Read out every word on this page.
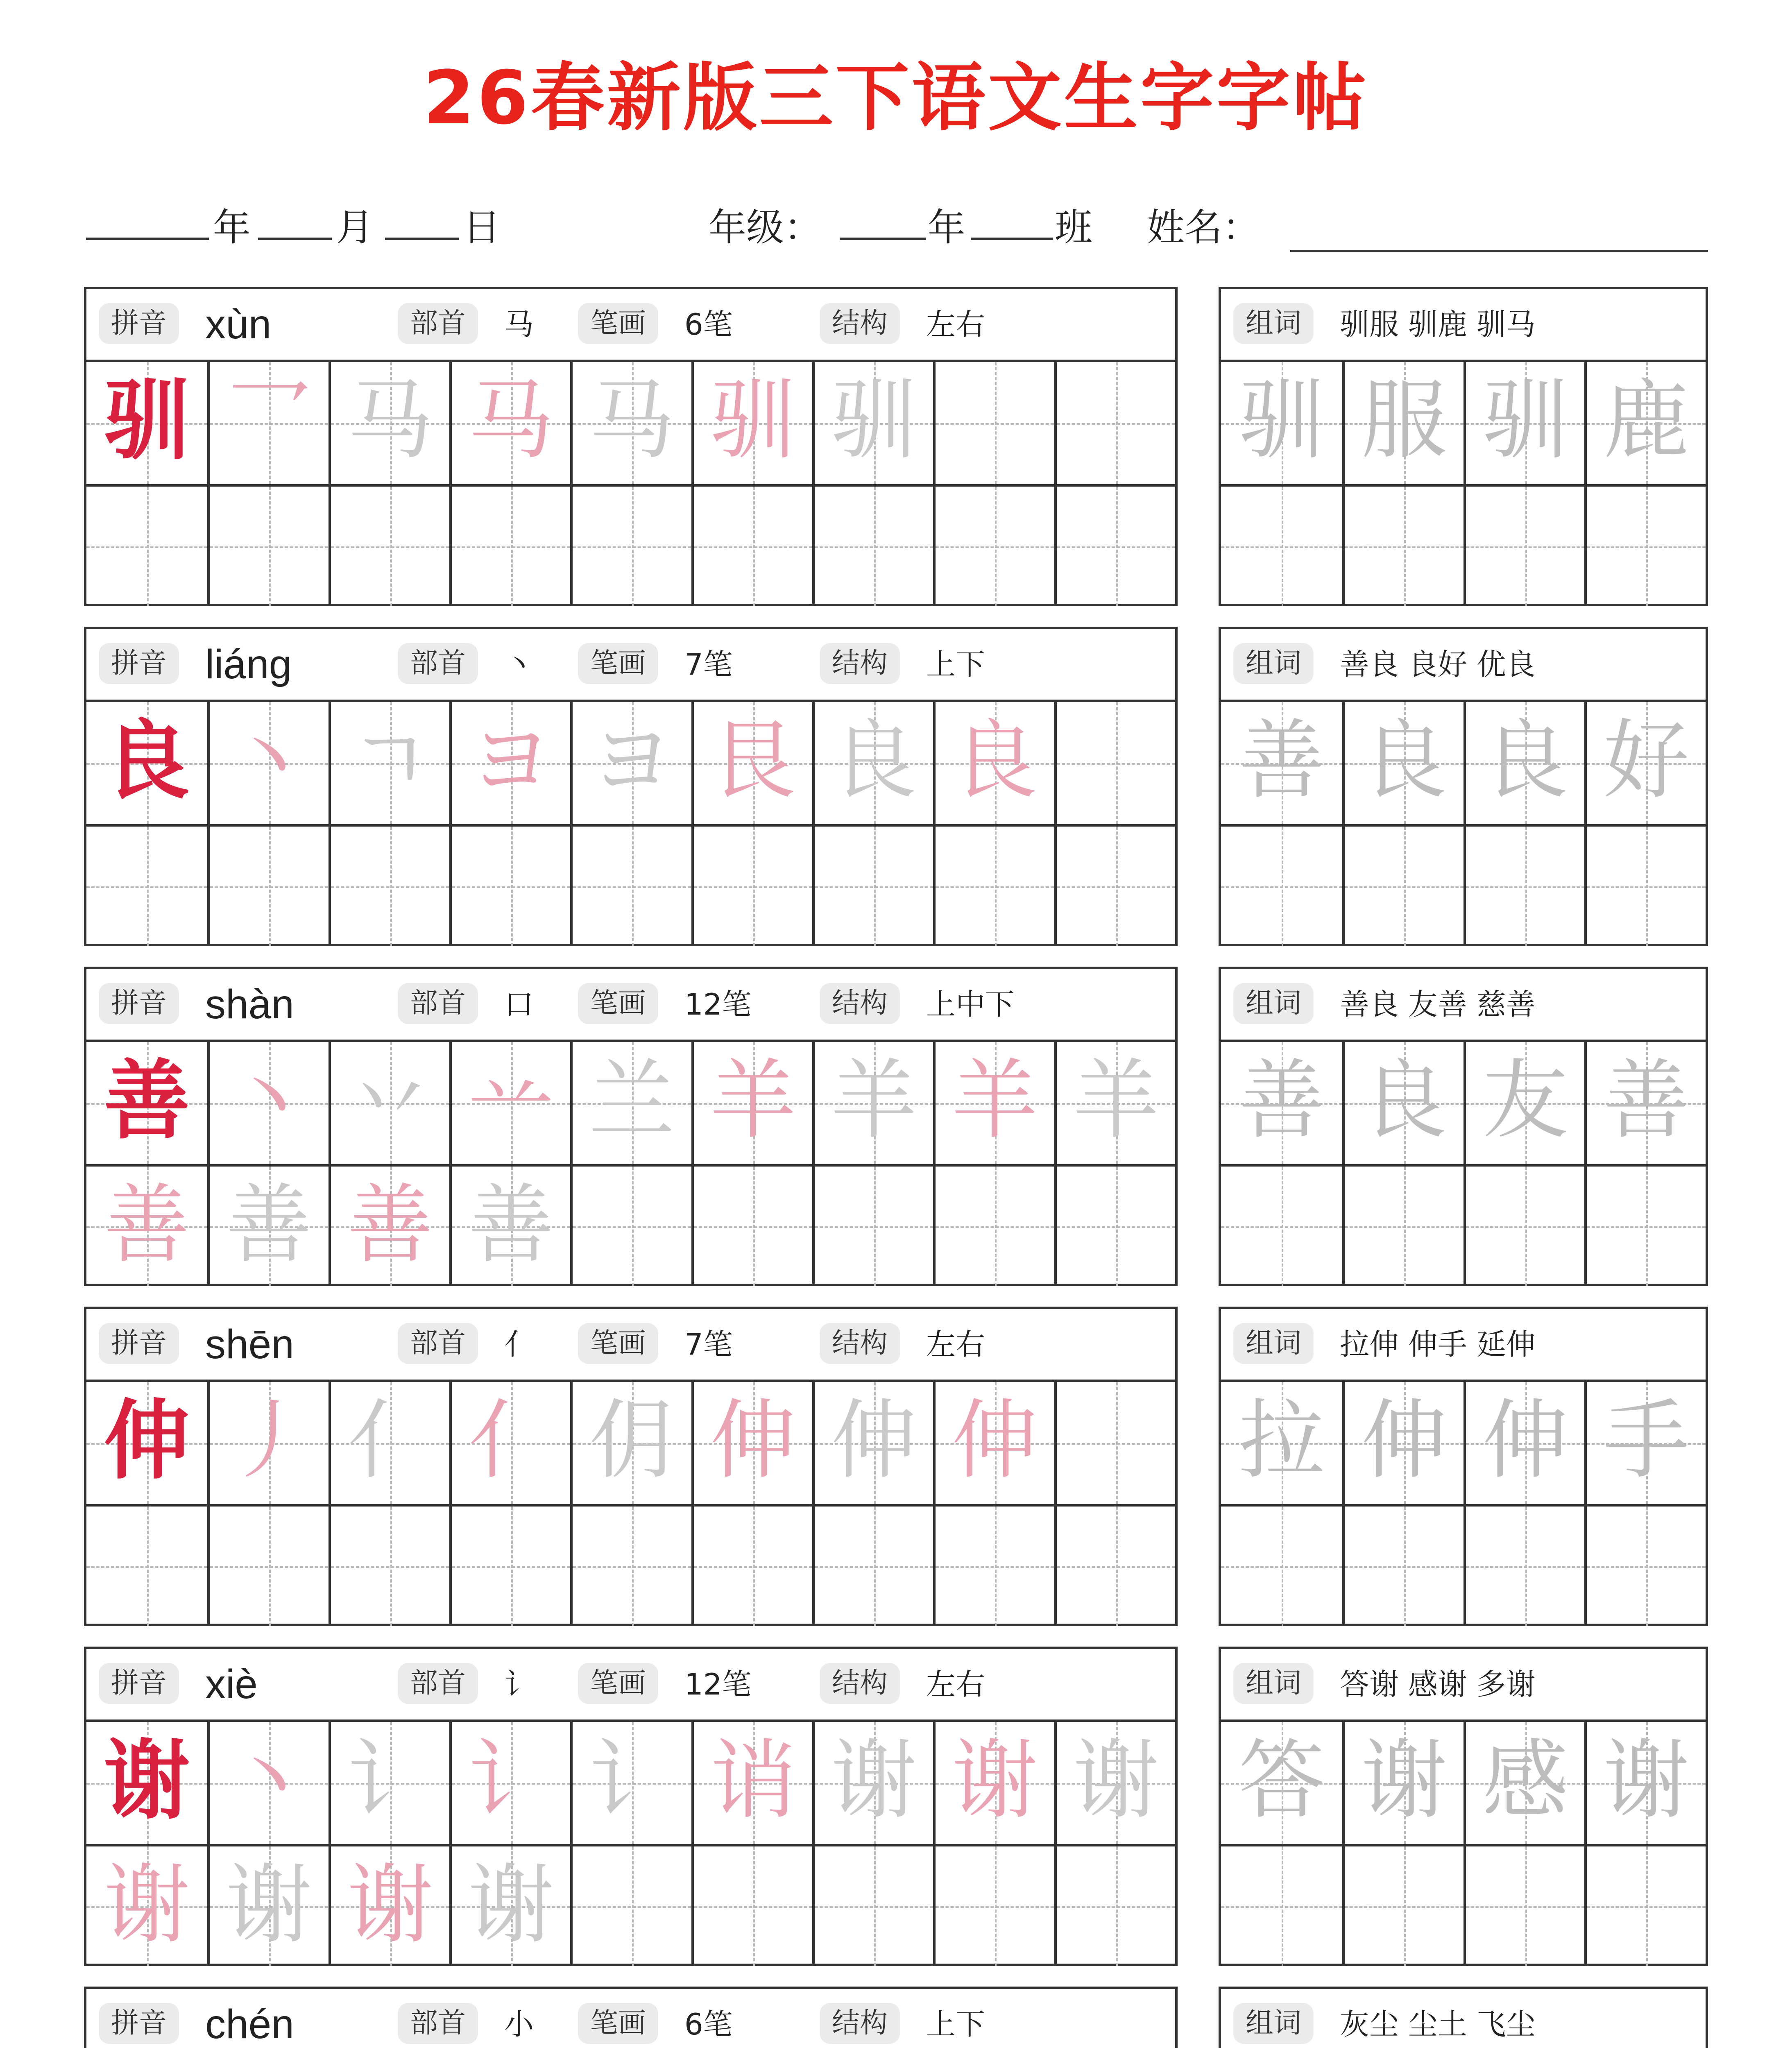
26春新版三下语文生字字帖
年 月 日	年级：	年 班 姓名：
拼音 xùn	部首	马	笔画	6笔	结构	左右
驯 乛 马 马 马 驯 驯
组词	驯服 驯鹿 驯马
驯 服 驯 鹿
拼音 liáng	部首	丶	笔画	7笔	结构	上下
良 丶 ㄱ ヨ ヨ 艮 良 良
组词	善良 良好 优良
善 良 良 好
拼音 shàn	部首	口	笔画	12笔	结构	上中下
善 丶 丷 䒑 兰 羊 羊 羊 羊
善 善 善 善
组词	善良 友善 慈善
善 良 友 善
拼音 shēn	部首	亻	笔画	7笔	结构	左右
伸 丿 亻 亻 仴 伸 伸 伸
组词	拉伸 伸手 延伸
拉 伸 伸 手
拼音 xiè	部首	讠	笔画	12笔	结构	左右
谢 丶 讠 讠 讠 诮 谢 谢 谢
谢 谢 谢 谢
组词	答谢 感谢 多谢
答 谢 感 谢
拼音 chén	部首	小	笔画	6笔	结构	上下	组词	灰尘 尘土 飞尘
